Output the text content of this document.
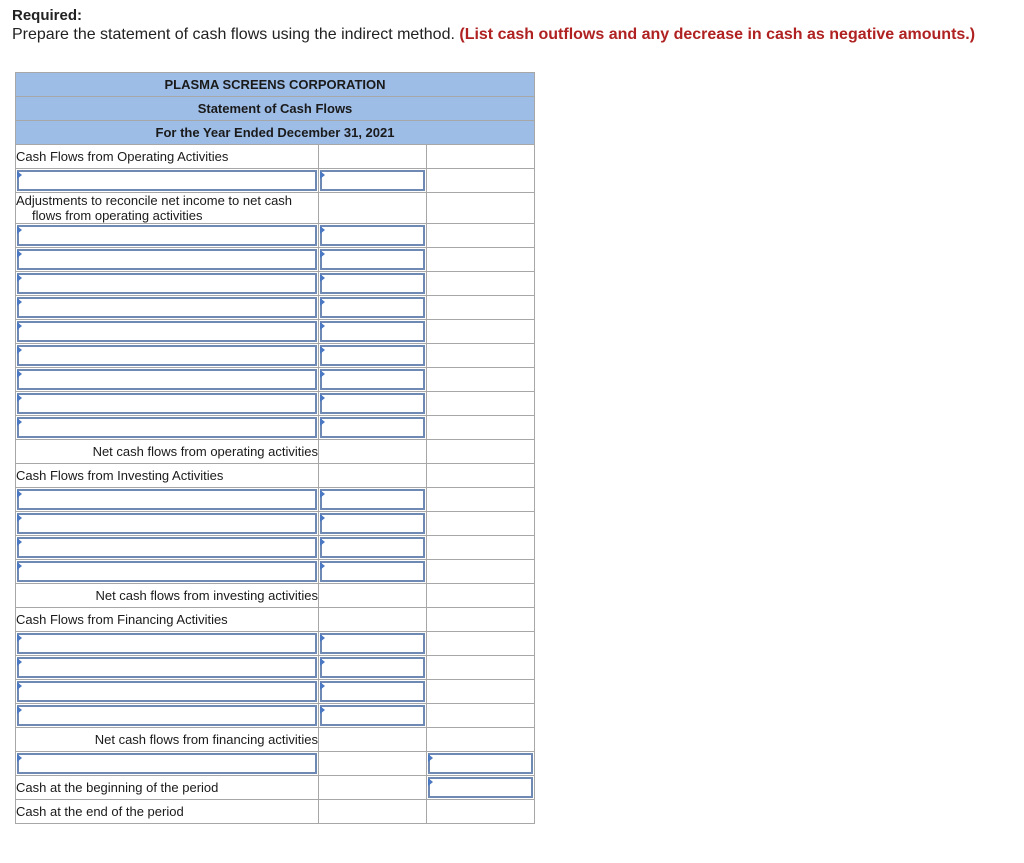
Required:
Prepare the statement of cash flows using the indirect method. (List cash outflows and any decrease in cash as negative amounts.)
PLASMA SCREENS CORPORATION		
Statement of Cash Flows		
For the Year Ended December 31, 2021		
Cash Flows from Operating Activities		

Adjustments to reconcile net income to net cash flows from operating activities		

Net cash flows from operating activities		
Cash Flows from Investing Activities		

Net cash flows from investing activities		
Cash Flows from Financing Activities		

Net cash flows from financing activities		

Cash at the beginning of the period		
Cash at the end of the period		
